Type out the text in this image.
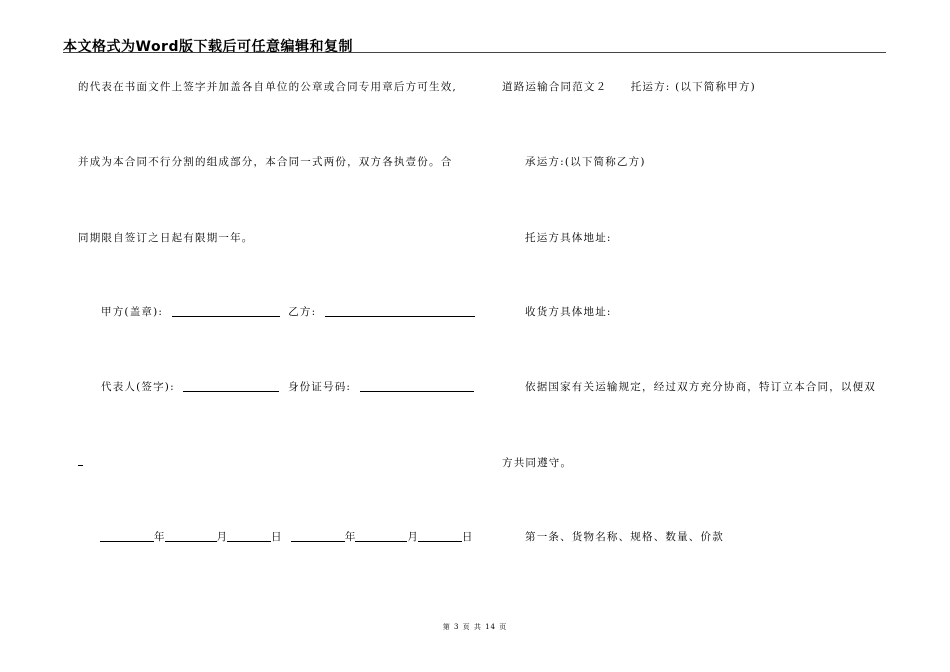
本文格式为Word版下载后可任意编辑和复制
的代表在书面文件上签字并加盖各自单位的公章或合同专用章后方可生效,
并成为本合同不行分割的组成部分，本合同一式两份，双方各执壹份。合
同期限自签订之日起有限期一年。
甲方(盖章):	乙方:
代表人(签字):	身份证号码:
年	月	日	年	月	日
道路运输合同范文２　　托运方: (以下简称甲方)
承运方:(以下简称乙方)
托运方具体地址:
收货方具体地址:
依据国家有关运输规定，经过双方充分协商，特订立本合同，以便双
方共同遵守。
第一条、货物名称、规格、数量、价款
第 3 页 共 14 页
